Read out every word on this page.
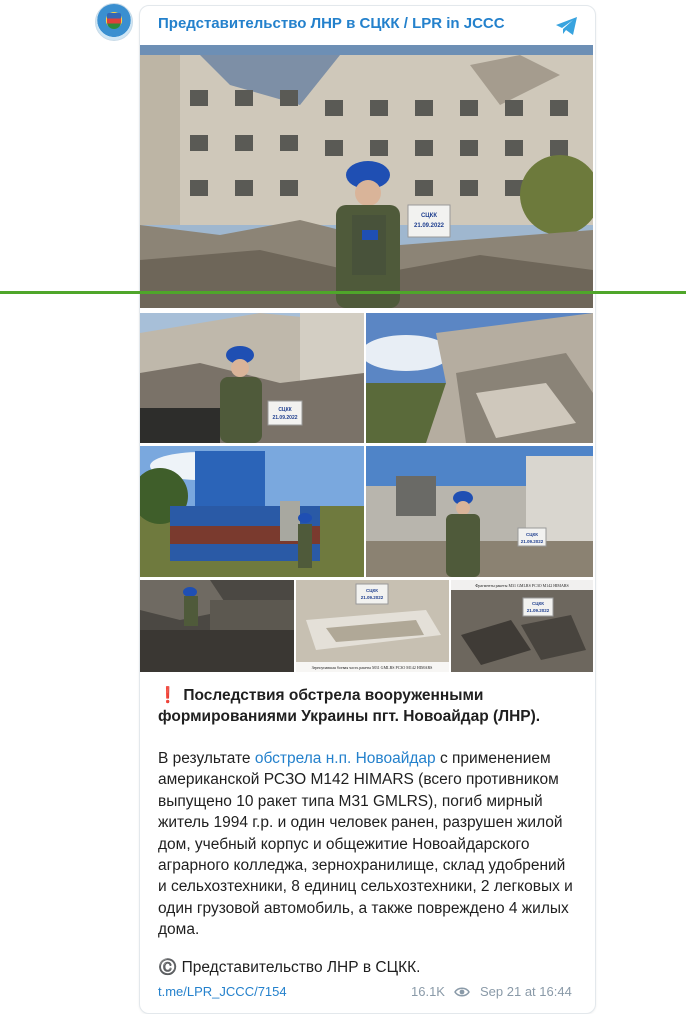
Представительство ЛНР в СЦКК / LPR in JCCC
СЦКК
21.09.2022
СЦКК
21.09.2022
СЦКК
21.09.2022
СЦКК
21.09.2022
Зерноупавшая боевая часть ракеты М31 GMLRS РСЗО М142 HIMARS
Фрагменты ракеты М31 GMLRS РСЗО М142 HIMARS
СЦКК
21.09.2022
❗ Последствия обстрела вооруженными формированиями Украины пгт. Новоайдар (ЛНР).
В результате обстрела н.п. Новоайдар с применением американской РСЗО М142 HIMARS (всего противником выпущено 10 ракет типа М31 GMLRS), погиб мирный житель 1994 г.р. и один человек ранен, разрушен жилой дом, учебный корпус и общежитие Новоайдарского аграрного колледжа, зернохранилище, склад удобрений и сельхозтехники, 8 единиц сельхозтехники, 2 легковых и один грузовой автомобиль, а также повреждено 4 жилых дома.
©️ Представительство ЛНР в СЦКК.
t.me/LPR_JCCC/7154	16.1K	Sep 21 at 16:44
